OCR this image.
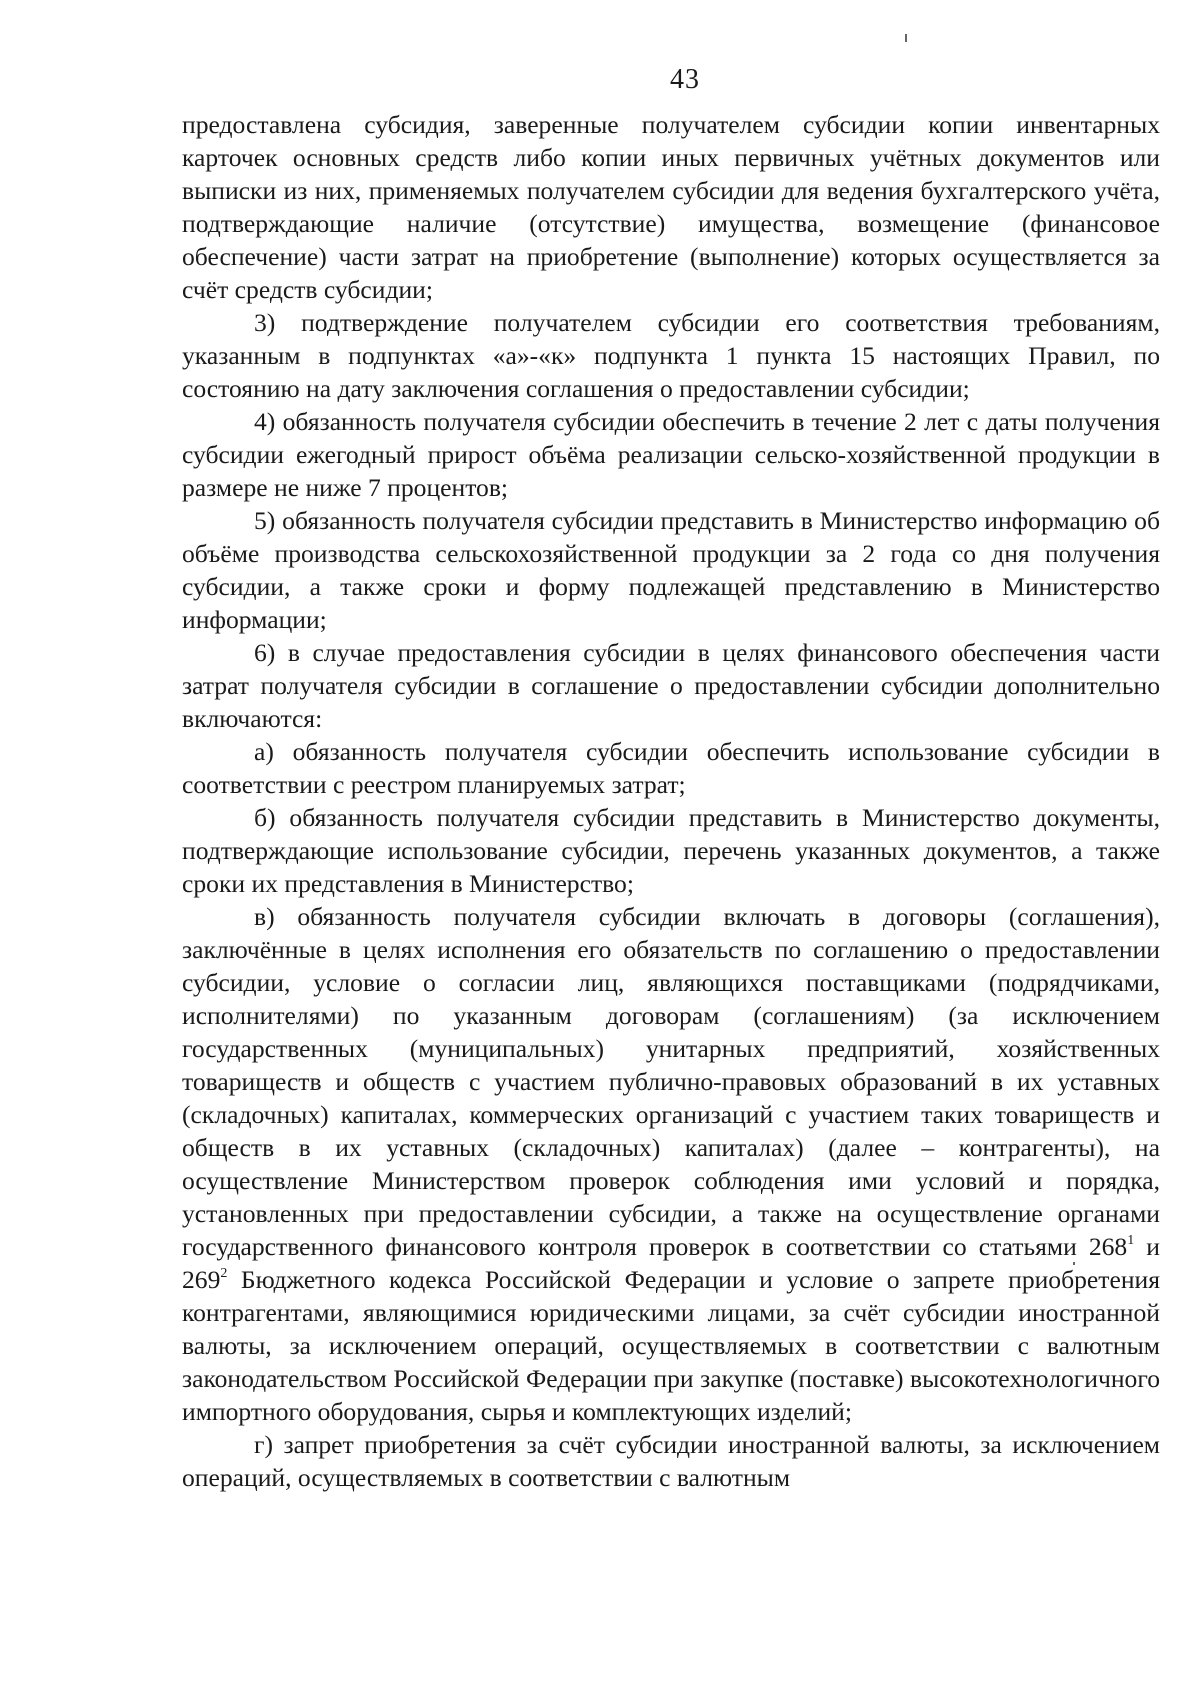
43

предоставлена субсидия, заверенные получателем субсидии копии инвентарных карточек основных средств либо копии иных первичных учётных документов или выписки из них, применяемых получателем субсидии для ведения бухгалтерского учёта, подтверждающие наличие (отсутствие) имущества, возмещение (финансовое обеспечение) части затрат на приобретение (выполнение) которых осуществляется за счёт средств субсидии;

3) подтверждение получателем субсидии его соответствия требованиям, указанным в подпунктах «а»-«к» подпункта 1 пункта 15 настоящих Правил, по состоянию на дату заключения соглашения о предоставлении субсидии;

4) обязанность получателя субсидии обеспечить в течение 2 лет с даты получения субсидии ежегодный прирост объёма реализации сельско-хозяйственной продукции в размере не ниже 7 процентов;

5) обязанность получателя субсидии представить в Министерство информацию об объёме производства сельскохозяйственной продукции за 2 года со дня получения субсидии, а также сроки и форму подлежащей представлению в Министерство информации;

6) в случае предоставления субсидии в целях финансового обеспечения части затрат получателя субсидии в соглашение о предоставлении субсидии дополнительно включаются:

а) обязанность получателя субсидии обеспечить использование субсидии в соответствии с реестром планируемых затрат;

б) обязанность получателя субсидии представить в Министерство документы, подтверждающие использование субсидии, перечень указанных документов, а также сроки их представления в Министерство;

в) обязанность получателя субсидии включать в договоры (соглашения), заключённые в целях исполнения его обязательств по соглашению о предоставлении субсидии, условие о согласии лиц, являющихся поставщиками (подрядчиками, исполнителями) по указанным договорам (соглашениям) (за исключением государственных (муниципальных) унитарных предприятий, хозяйственных товариществ и обществ с участием публично-правовых образований в их уставных (складочных) капиталах, коммерческих организаций с участием таких товариществ и обществ в их уставных (складочных) капиталах) (далее – контрагенты), на осуществление Министерством проверок соблюдения ими условий и порядка, установленных при предоставлении субсидии, а также на осуществление органами государственного финансового контроля проверок в соответствии со статьями $268^1$ и $269^2$ Бюджетного кодекса Российской Федерации и условие о запрете приобретения контрагентами, являющимися юридическими лицами, за счёт субсидии иностранной валюты, за исключением операций, осуществляемых в соответствии с валютным законодательством Российской Федерации при закупке (поставке) высокотехнологичного импортного оборудования, сырья и комплектующих изделий;

г) запрет приобретения за счёт субсидии иностранной валюты, за исключением операций, осуществляемых в соответствии с валютным
